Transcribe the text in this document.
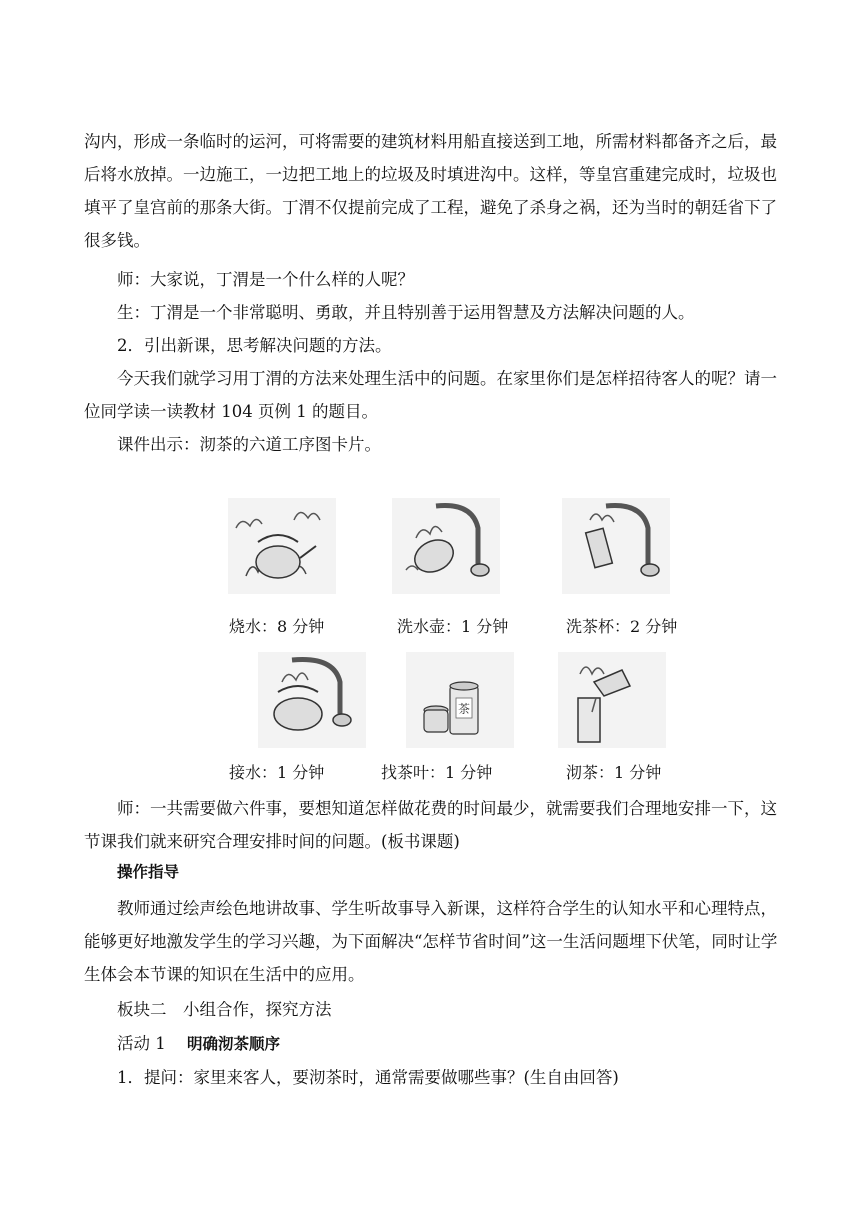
沟内，形成一条临时的运河，可将需要的建筑材料用船直接送到工地，所需材料都备齐之后，最后将水放掉。一边施工，一边把工地上的垃圾及时填进沟中。这样，等皇宫重建完成时，垃圾也填平了皇宫前的那条大街。丁渭不仅提前完成了工程，避免了杀身之祸，还为当时的朝廷省下了很多钱。

师：大家说，丁渭是一个什么样的人呢？

生：丁渭是一个非常聪明、勇敢，并且特别善于运用智慧及方法解决问题的人。

2．引出新课，思考解决问题的方法。

今天我们就学习用丁渭的方法来处理生活中的问题。在家里你们是怎样招待客人的呢？请一位同学读一读教材 104 页例 1 的题目。

课件出示：沏茶的六道工序图卡片。

烧水：8 分钟	洗水壶：1 分钟	洗茶杯：2 分钟
茶
接水：1 分钟	找茶叶：1 分钟	沏茶：1 分钟

师：一共需要做六件事，要想知道怎样做花费的时间最少，就需要我们合理地安排一下，这节课我们就来研究合理安排时间的问题。(板书课题)

操作指导

教师通过绘声绘色地讲故事、学生听故事导入新课，这样符合学生的认知水平和心理特点，能够更好地激发学生的学习兴趣，为下面解决“怎样节省时间”这一生活问题埋下伏笔，同时让学生体会本节课的知识在生活中的应用。

板块二　小组合作，探究方法
活动 1 明确沏茶顺序
1．提问：家里来客人，要沏茶时，通常需要做哪些事？(生自由回答)
